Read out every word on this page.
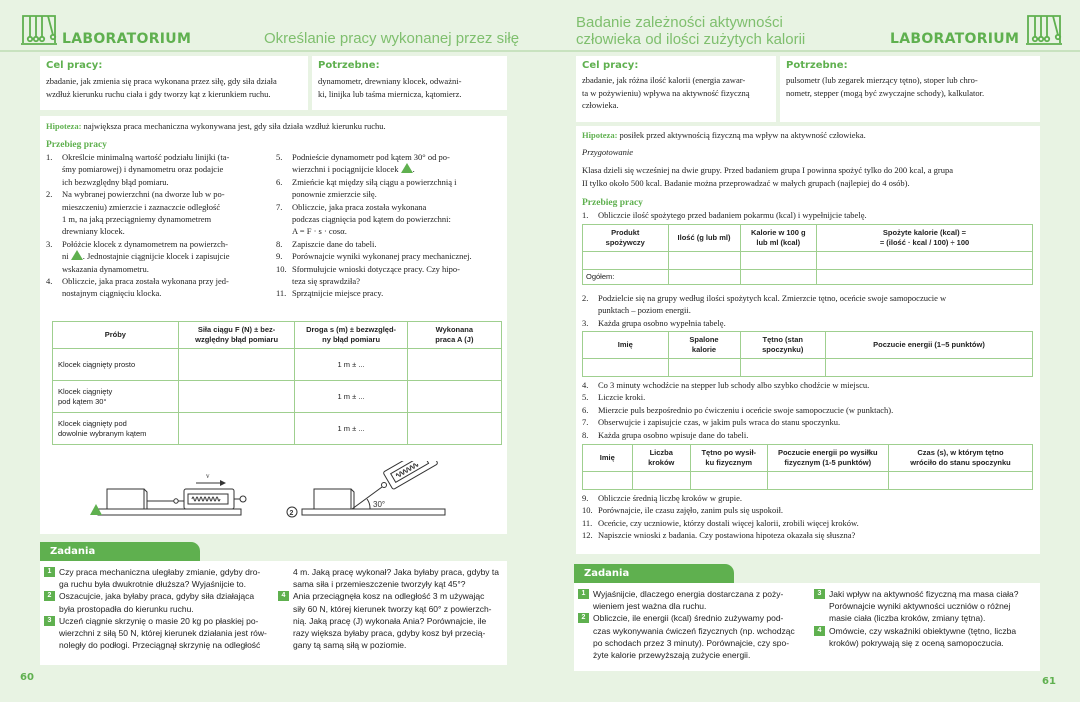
LABORATORIUM	Określanie pracy wykonanej przez siłę
Cel pracy:
zbadanie, jak zmienia się praca wykonana przez siłę, gdy siła działa
wzdłuż kierunku ruchu ciała i gdy tworzy kąt z kierunkiem ruchu.
Potrzebne:
dynamometr, drewniany klocek, odważni-
ki, linijka lub taśma miernicza, kątomierz.
Hipoteza: największa praca mechaniczna wykonywana jest, gdy siła działa wzdłuż kierunku ruchu.
Przebieg pracy
1. Określcie minimalną wartość podziału linijki (ta-
śmy pomiarowej) i dynamometru oraz podajcie
ich bezwzględny błąd pomiaru.
2. Na wybranej powierzchni (na dworze lub w po-
mieszczeniu) zmierzcie i zaznaczcie odległość
1 m, na jaką przeciągniemy dynamometrem
drewniany klocek.
3. Połóżcie klocek z dynamometrem na powierzch-
ni . Jednostajnie ciągnijcie klocek i zapisujcie
wskazania dynamometru.
4. Obliczcie, jaka praca została wykonana przy jed-
nostajnym ciągnięciu klocka.
5. Podnieście dynamometr pod kątem 30° od po-
wierzchni i pociągnijcie klocek .
6. Zmieńcie kąt między siłą ciągu a powierzchnią i
ponownie zmierzcie siłę.
7. Obliczcie, jaka praca została wykonana
podczas ciągnięcia pod kątem do powierzchni:
A = F · s · cosα.
8. Zapiszcie dane do tabeli.
9. Porównajcie wyniki wykonanej pracy mechanicznej.
10. Sformułujcie wnioski dotyczące pracy. Czy hipo-
teza się sprawdziła?
11. Sprzątnijcie miejsce pracy.
Próby	Siła ciągu F (N) ± bez-
względny błąd pomiaru	Droga s (m) ± bezwzględ-
ny błąd pomiaru	Wykonana
praca A (J)
Klocek ciągnięty prosto		1 m ± ...	
Klocek ciągnięty
pod kątem 30°		1 m ± ...	
Klocek ciągnięty pod
dowolnie wybranym kątem		1 m ± ...	
v
30°
2
Zadania
1 Czy praca mechaniczna uległaby zmianie, gdyby dro-
ga ruchu była dwukrotnie dłuższa? Wyjaśnijcie to.
2 Oszacujcie, jaka byłaby praca, gdyby siła działająca
była prostopadła do kierunku ruchu.
3 Uczeń ciągnie skrzynię o masie 20 kg po płaskiej po-
wierzchni z siłą 50 N, której kierunek działania jest rów-
noległy do podłogi. Przeciągnął skrzynię na odległość
4 m. Jaką pracę wykonał? Jaka byłaby praca, gdyby ta
sama siła i przemieszczenie tworzyły kąt 45°?
4 Ania przeciągnęła kosz na odległość 3 m używając
siły 60 N, której kierunek tworzy kąt 60° z powierzch-
nią. Jaką pracę (J) wykonała Ania? Porównajcie, ile
razy większa byłaby praca, gdyby kosz był przecią-
gany tą samą siłą w poziomie.
60
Badanie zależności aktywności
człowieka od ilości zużytych kalorii	LABORATORIUM
Cel pracy:
zbadanie, jak różna ilość kalorii (energia zawar-
ta w pożywieniu) wpływa na aktywność fizyczną
człowieka.
Potrzebne:
pulsometr (lub zegarek mierzący tętno), stoper lub chro-
nometr, stepper (mogą być zwyczajne schody), kalkulator.
Hipoteza: posiłek przed aktywnością fizyczną ma wpływ na aktywność człowieka.
Przygotowanie
Klasa dzieli się wcześniej na dwie grupy. Przed badaniem grupa I powinna spożyć tylko do 200 kcal, a grupa
II tylko około 500 kcal. Badanie można przeprowadzać w małych grupach (najlepiej do 4 osób).
Przebieg pracy
1. Obliczcie ilość spożytego przed badaniem pokarmu (kcal) i wypełnijcie tabelę.
Produkt
spożywczy	Ilość (g lub ml)	Kalorie w 100 g
lub ml (kcal)	Spożyte kalorie (kcal) =
= (ilość · kcal / 100) ÷ 100

Ogółem:			
2. Podzielcie się na grupy według ilości spożytych kcal. Zmierzcie tętno, oceńcie swoje samopoczucie w
punktach – poziom energii.
3. Każda grupa osobno wypełnia tabelę.
Imię	Spalone
kalorie	Tętno (stan
spoczynku)	Poczucie energii (1–5 punktów)

4. Co 3 minuty wchodźcie na stepper lub schody albo szybko chodźcie w miejscu.
5. Liczcie kroki.
6. Mierzcie puls bezpośrednio po ćwiczeniu i oceńcie swoje samopoczucie (w punktach).
7. Obserwujcie i zapisujcie czas, w jakim puls wraca do stanu spoczynku.
8. Każda grupa osobno wpisuje dane do tabeli.
Imię	Liczba
kroków	Tętno po wysił-
ku fizycznym	Poczucie energii po wysiłku
fizycznym (1-5 punktów)	Czas (s), w którym tętno
wróciło do stanu spoczynku

9. Obliczcie średnią liczbę kroków w grupie.
10. Porównajcie, ile czasu zajęło, zanim puls się uspokoił.
11. Oceńcie, czy uczniowie, którzy dostali więcej kalorii, zrobili więcej kroków.
12. Napiszcie wnioski z badania. Czy postawiona hipoteza okazała się słuszna?
Zadania
1 Wyjaśnijcie, dlaczego energia dostarczana z poży-
wieniem jest ważna dla ruchu.
2 Obliczcie, ile energii (kcal) średnio zużywamy pod-
czas wykonywania ćwiczeń fizycznych (np. wchodząc
po schodach przez 3 minuty). Porównajcie, czy spo-
żyte kalorie przewyższają zużycie energii.
3 Jaki wpływ na aktywność fizyczną ma masa ciała?
Porównajcie wyniki aktywności uczniów o różnej
masie ciała (liczba kroków, zmiany tętna).
4 Omówcie, czy wskaźniki obiektywne (tętno, liczba
kroków) pokrywają się z oceną samopoczucia.
61
